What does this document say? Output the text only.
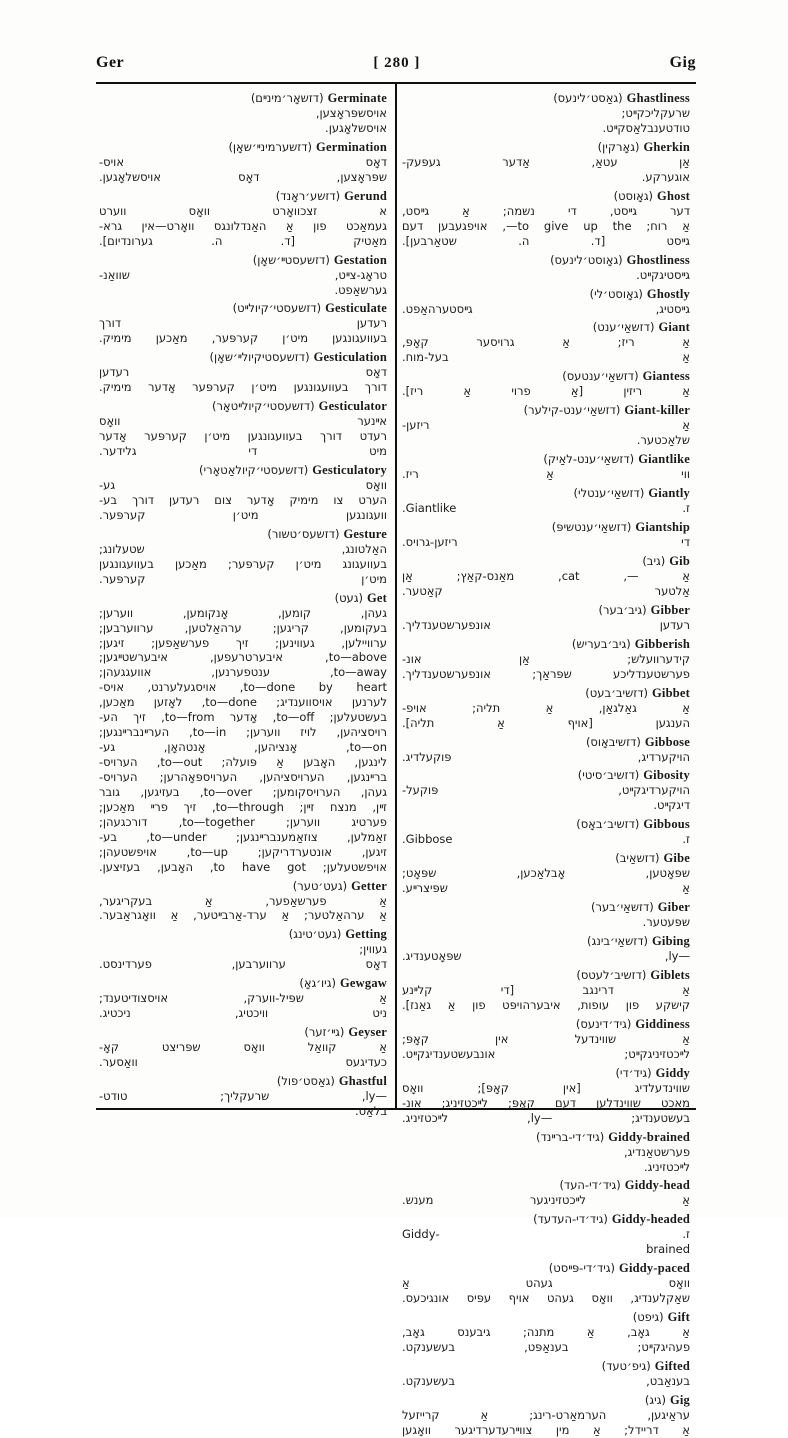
Ger	[ 280 ]	Gig
Germinate
(דזשאָר׳מינײם)
אויסשפּראָצען,
אויסשלאָגען.
Germination
(דזשערמינײ׳שאָן)
דאָס אויס-
שפּראָצען, דאָס אויסשלאָגען.
Gerund
(דזשע׳ראָנד)
א זצכוואָרט וואָס ווערט
געמאַכט פון אַ האַנדלונגס וואָרט—אין גרא-
מאַטיק [ד. ה. גערונדיום].
Gestation
(דזשעסטײ׳שאָן)
טראָג-צײט, שוואַנ-
גערשאַפט.
Gesticulate
(דזשעסטי׳קיולײט)
רעדען דורך
בעוועגונגען מיט׳ן קערפּער, מאַכען מימיק.
Gesticulation
(דזשעסטיקיולײ׳שאָן)
דאָס רעדען
דורך בעוועגונגען מיט׳ן קערפּער אָדער מימיק.
Gesticulator
(דזשעסטי׳קיולײטאָר)
אײנער וואָס
רעדט דורך בעוועגונגען מיט׳ן קערפּער אָדער
מיט די גלידער.
Gesticulatory
(דזשעסטי׳קיולאַטאָרי)
וואָס גע-
הערט צו מימיק אָדער צום רעדען דורך בע-
וועגונגען מיט׳ן קערפּער.
Gesture
(דזשעס׳טשור)
האַלטונג, שטעלונג;
בעוועגונג מיט׳ן קערפּער; מאַכען בעוועגונגען
מיט׳ן קערפּער.
Get
(געט)
געהן, קומען, אָנקומען, ווערען;
בעקומען, קריגען; ערהאַלטען, ערווערבען;
ערוויילען, געווינען; זיך פערשאַפען; זיגען;
to—above, איבערטרעפען, איבערשטײגען;
to—away, ענטפערנען, אוועגגעהן;
to—done by heart, אויסגעלערנט, אויס-
לערנען אויסווענדיג; to—done, לאָזען מאַכען,
בעשטעלען; to—off, אָדער to—from, זיך הע-
רויסציהען, לויז ווערען; to—in, הערײנברײנגען;
to—on, אָנציהען, אָנטהאָן, גע-
לינגען, האָבען אַ פּועלה; to—out, הערויס-
ברײנגען, הערויסציהען, הערויספּאָהרען; הערויס-
געהן, הערויסקומען; to—over, בעזיגען, גובר
זײן, מנצח זײן; to—through, זיך פרײ מאַכען;
פערטיג ווערען; to—together, דורכגעהן;
זאַמלען, צוזאַמענברײנגען; to—under, בע-
זיגען, אונטערדריקען; to—up, אויפשטעהן;
אויפשטעלען; to have got, האָבען, בעזיצען.
Getter
(געט׳טער)
אַ פערשאַפער, אַ בעקריגער,
אַ ערהאַלטער; אַ ערד-אַרבײטער, אַ וואָגראַבער.
Getting
(געט׳טינג)
געווין;
דאָס ערווערבען, פערדינסט.
Gewgaw
(גיו׳גאָ)
אַ שפּיל-ווערק, אויסצודיטענד;
ניט וויכטיג, ניכטיג.
Geyser
(גײ׳זער)
אַ קוואַל וואָס שפּריצט קאָ-
כעדיגעס וואַסער.
Ghastful
(גאַסט׳פול)
—ly, שרעקליך; טודט-
בלאַס.
Ghastliness
(גאַסט׳לינעס)
שרעקליכקײט;
טודטענבלאַסקײט.
Gherkin
(גאָרקין)
אַן עטאַ, אַדער געפּעק-
אוגערקע.
Ghost
(גאָוסט)
דער גײסט, די נשמה; אַ גײסט,
אַ רוח; to give up the—, אויפגעבען דעם
גײסט [ד. ה. שטאַרבען].
Ghostliness
(גאָוסט׳לינעס)
גײסטיגקײט.
Ghostly
(גאָוסט׳לי)
גײסטיג, גײסטערהאַפט.
Giant
(דזשאַי׳ענט)
אַ ריז; אַ גרויסער קאָפּ,
אַ בעל-מוח.
Giantess
(דזשאַי׳ענטעס)
אַ ריזין [אַ פרוי אַ ריז].
Giant-killer
(דזשאַי׳ענט-קילער)
אַ ריזען-
שלאַכטער.
Giantlike
(דזשאַי׳ענט-לאַיק)
ווי אַ ריז.
Giantly
(דזשאַי׳ענטלי)
ז. Giantlike.
Giantship
(דזשאַי׳ענטשיפּ)
די ריזען-גרויס.
Gib
(גיב)
אַ —, cat, מאַנס-קאַץ; אַן
אַלטער קאַטער.
Gibber
(גיב׳בער)
רעדען אונפערשטענדליך.
Gibberish
(גיב׳בעריש)
קידערוועלש; אַן אונ-
פערשטענדליכע שפּראַך; אונפערשטענדליך.
Gibbet
(דזשיב׳בעט)
אַ גאַלגאַן, אַ תליה; אויפ-
הענגען [אויף אַ תליה].
Gibbose
(דזשיבאָוס)
הויקערדיג, פּוקעלדיג.
Gibosity
(דזשיב׳סיטי)
הויקערדיגקײט, פּוקעל-
דיגקײט.
Gibbous
(דזשיב׳באָס)
ז. Gibbose.
Gibe
(דזשאַיב)
שפּאָטען, אָבלאַכען, שפּאָט;
אַ שפּיצרײע.
Giber
(דזשאַי׳בער)
שפּעטער.
Gibing
(דזשאַי׳בינג)
—ly, שפּאָטענדיג.
Giblets
(דזשיב׳לעטס)
אַ דרינגב [די קלײנע
קישקע פון עופות, איבערהויפּט פון אַ גאַנז].
Giddiness
(גיד׳דינעס)
אַ שווינדעל אין קאָפּ;
לײכטזיניגקײט; אונבעשטענדיגקײט.
Giddy
(גיד׳די)
שווינדעלדיג [אין קאָפּ]; וואָס
מאַכט שווינדלען דעם קאָפּ; לײכטזיניג; אונ-
בעשטענדיג; —ly, לײכטזיניג.
Giddy-brained
(גיד׳די-ברײנד)
פערשטאַנדיג,
לײכטזיניג.
Giddy-head
(גיד׳די-העד)
אַ לײכטזיניגער מענש.
Giddy-headed
(גיד׳די-העדעד)
ז. -Giddy
brained
Giddy-paced
(גיד׳די-פּײסט)
וואָס געהט אַ
שאַקלענדיג, וואָס געהט אויף עפּיס אונגיכעס.
Gift
(גיפט)
אַ גאָב, אַ מתנה; גיבענס גאָב,
פעהיגקײט; בענאַפּט, בעשענקט.
Gifted
(גיפ׳טעד)
בענאַבט, בעשענקט.
Gig
(גיג)
עראַיגען, הערמאַרט-רינג; אַ קרייזעל
אַ דריידל; אַ מין צווײרעדערדיגער וואָגען
